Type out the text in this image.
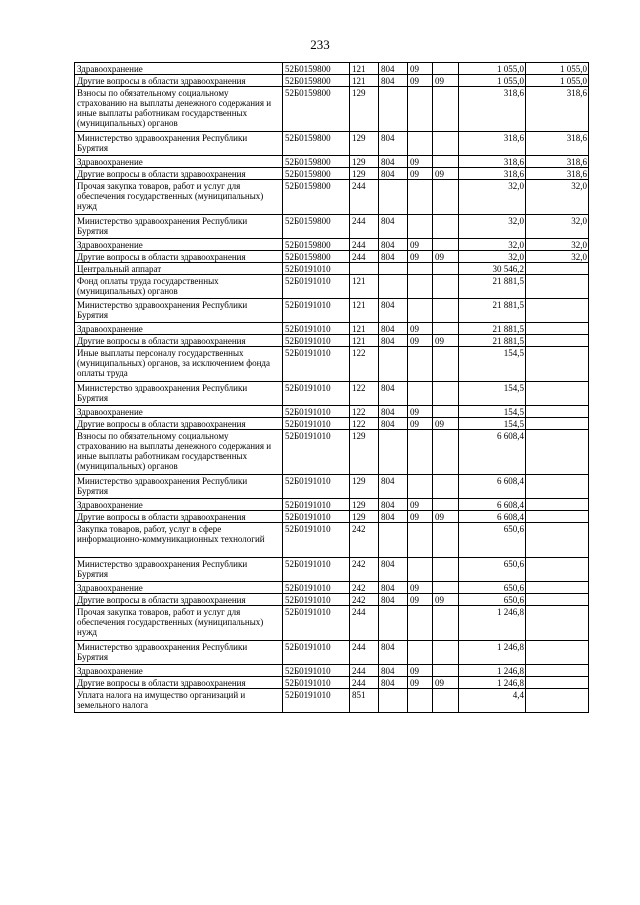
233
Здравоохранение	52Б0159800	121	804	09		1 055,0	1 055,0
Другие вопросы в области здравоохранения	52Б0159800	121	804	09	09	1 055,0	1 055,0
Взносы по обязательному социальному страхованию на выплаты денежного содержания и иные выплаты работникам государственных (муниципальных) органов	52Б0159800	129				318,6	318,6
Министерство здравоохранения Республики Бурятия	52Б0159800	129	804			318,6	318,6
Здравоохранение	52Б0159800	129	804	09		318,6	318,6
Другие вопросы в области здравоохранения	52Б0159800	129	804	09	09	318,6	318,6
Прочая закупка товаров, работ и услуг для обеспечения государственных (муниципальных) нужд	52Б0159800	244				32,0	32,0
Министерство здравоохранения Республики Бурятия	52Б0159800	244	804			32,0	32,0
Здравоохранение	52Б0159800	244	804	09		32,0	32,0
Другие вопросы в области здравоохранения	52Б0159800	244	804	09	09	32,0	32,0
Центральный аппарат	52Б0191010					30 546,2	
Фонд оплаты труда государственных (муниципальных) органов	52Б0191010	121				21 881,5	
Министерство здравоохранения Республики Бурятия	52Б0191010	121	804			21 881,5	
Здравоохранение	52Б0191010	121	804	09		21 881,5	
Другие вопросы в области здравоохранения	52Б0191010	121	804	09	09	21 881,5	
Иные выплаты персоналу государственных (муниципальных) органов, за исключением фонда оплаты труда	52Б0191010	122				154,5	
Министерство здравоохранения Республики Бурятия	52Б0191010	122	804			154,5	
Здравоохранение	52Б0191010	122	804	09		154,5	
Другие вопросы в области здравоохранения	52Б0191010	122	804	09	09	154,5	
Взносы по обязательному социальному страхованию на выплаты денежного содержания и иные выплаты работникам государственных (муниципальных) органов	52Б0191010	129				6 608,4	
Министерство здравоохранения Республики Бурятия	52Б0191010	129	804			6 608,4	
Здравоохранение	52Б0191010	129	804	09		6 608,4	
Другие вопросы в области здравоохранения	52Б0191010	129	804	09	09	6 608,4	
Закупка товаров, работ, услуг в сфере информационно-коммуникационных технологий	52Б0191010	242				650,6	
Министерство здравоохранения Республики Бурятия	52Б0191010	242	804			650,6	
Здравоохранение	52Б0191010	242	804	09		650,6	
Другие вопросы в области здравоохранения	52Б0191010	242	804	09	09	650,6	
Прочая закупка товаров, работ и услуг для обеспечения государственных (муниципальных) нужд	52Б0191010	244				1 246,8	
Министерство здравоохранения Республики Бурятия	52Б0191010	244	804			1 246,8	
Здравоохранение	52Б0191010	244	804	09		1 246,8	
Другие вопросы в области здравоохранения	52Б0191010	244	804	09	09	1 246,8	
Уплата налога на имущество организаций и земельного налога	52Б0191010	851				4,4	
